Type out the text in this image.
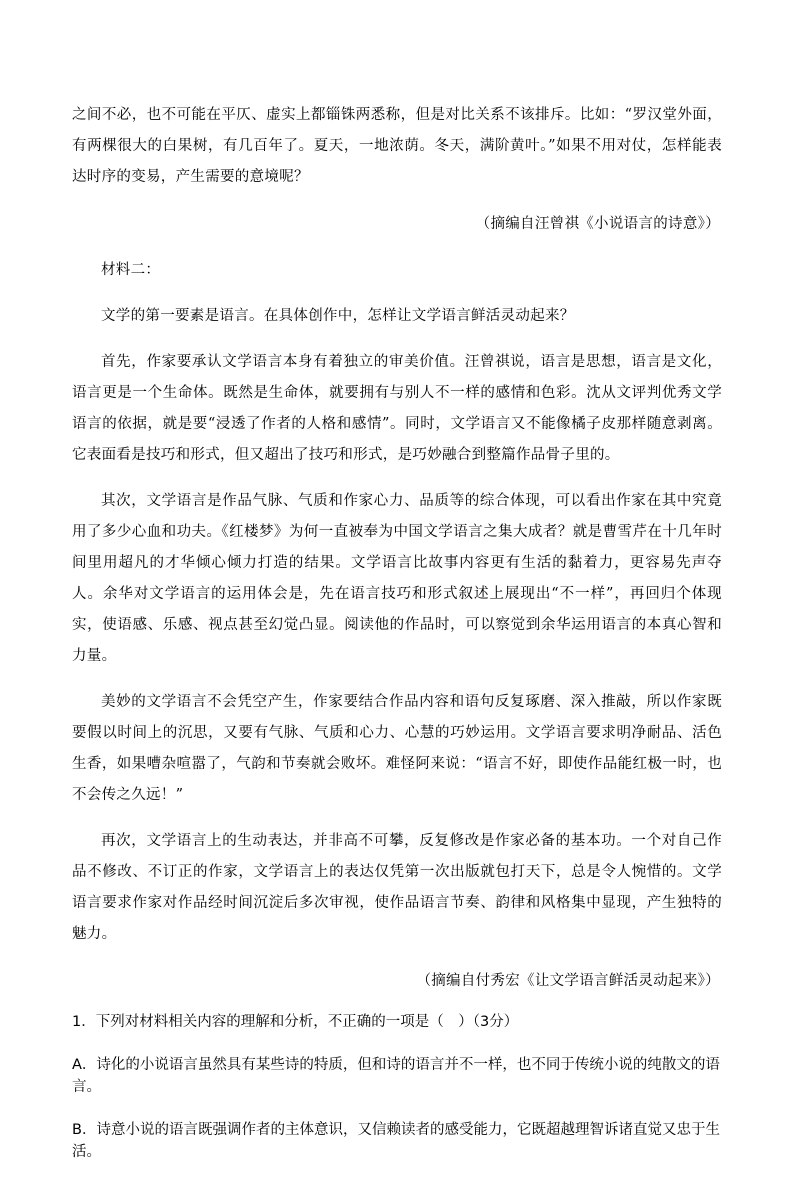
之间不必，也不可能在平仄、虚实上都锱铢两悉称，但是对比关系不该排斥。比如：“罗汉堂外面，有两棵很大的白果树，有几百年了。夏天，一地浓荫。冬天，满阶黄叶。”如果不用对仗，怎样能表达时序的变易，产生需要的意境呢？

（摘编自汪曾祺《小说语言的诗意》）

材料二：

文学的第一要素是语言。在具体创作中，怎样让文学语言鲜活灵动起来？

首先，作家要承认文学语言本身有着独立的审美价值。汪曾祺说，语言是思想，语言是文化，语言更是一个生命体。既然是生命体，就要拥有与别人不一样的感情和色彩。沈从文评判优秀文学语言的依据，就是要“浸透了作者的人格和感情”。同时，文学语言又不能像橘子皮那样随意剥离。它表面看是技巧和形式，但又超出了技巧和形式，是巧妙融合到整篇作品骨子里的。

其次，文学语言是作品气脉、气质和作家心力、品质等的综合体现，可以看出作家在其中究竟用了多少心血和功夫。《红楼梦》为何一直被奉为中国文学语言之集大成者？就是曹雪芹在十几年时间里用超凡的才华倾心倾力打造的结果。文学语言比故事内容更有生活的黏着力，更容易先声夺人。余华对文学语言的运用体会是，先在语言技巧和形式叙述上展现出“不一样”，再回归个体现实，使语感、乐感、视点甚至幻觉凸显。阅读他的作品时，可以察觉到余华运用语言的本真心智和力量。

美妙的文学语言不会凭空产生，作家要结合作品内容和语句反复琢磨、深入推敲，所以作家既要假以时间上的沉思，又要有气脉、气质和心力、心慧的巧妙运用。文学语言要求明净耐品、活色生香，如果嘈杂喧嚣了，气韵和节奏就会败坏。难怪阿来说：“语言不好，即使作品能红极一时，也不会传之久远！”

再次，文学语言上的生动表达，并非高不可攀，反复修改是作家必备的基本功。一个对自己作品不修改、不订正的作家，文学语言上的表达仅凭第一次出版就包打天下，总是令人惋惜的。文学语言要求作家对作品经时间沉淀后多次审视，使作品语言节奏、韵律和风格集中显现，产生独特的魅力。

（摘编自付秀宏《让文学语言鲜活灵动起来》）

1．下列对材料相关内容的理解和分析，不正确的一项是（　）（3分）

A．诗化的小说语言虽然具有某些诗的特质，但和诗的语言并不一样，也不同于传统小说的纯散文的语言。

B．诗意小说的语言既强调作者的主体意识，又信赖读者的感受能力，它既超越理智诉诸直觉又忠于生活。
